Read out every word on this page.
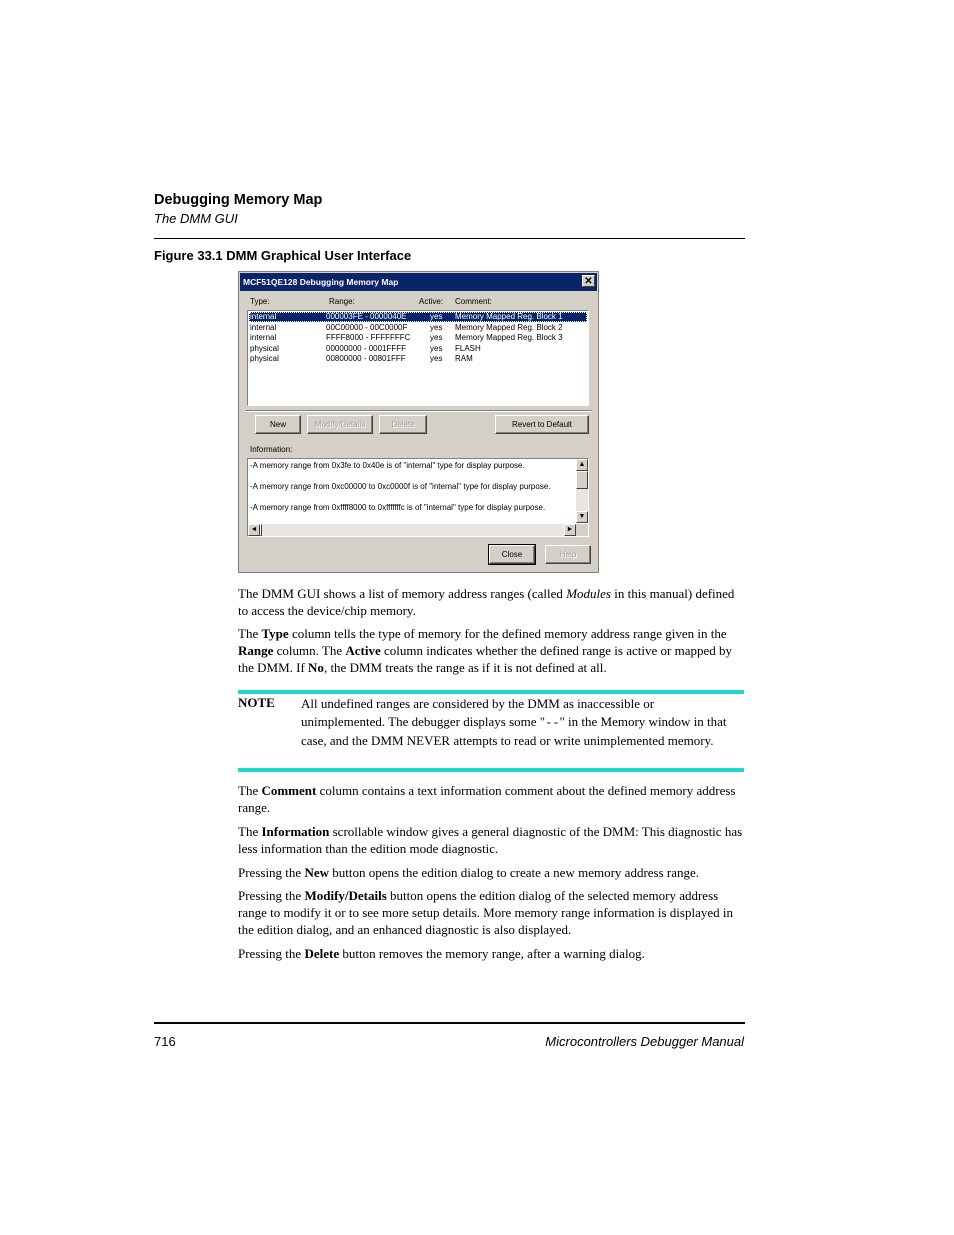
Debugging Memory Map
The DMM GUI
Figure 33.1 DMM Graphical User Interface
MCF51QE128 Debugging Memory Map	✕
Type:	Range:	Active: Comment:
internal	000003FE - 0000040E	yes Memory Mapped Reg. Block 1
internal	00C00000 - 00C0000F	yes Memory Mapped Reg. Block 2
internal	FFFF8000 - FFFFFFFC yes Memory Mapped Reg. Block 3
physical	00000000 - 0001FFFF	yes FLASH
physical	00800000 - 00801FFF	yes RAM
New	Modify/Details	Delete	Revert to Default
Information:
-A memory range from 0x3fe to 0x40e is of "internal" type for display purpose.
-A memory range from 0xc00000 to 0xc0000f is of "internal" type for display purpose.
-A memory range from 0xffff8000 to 0xfffffffc is of "internal" type for display purpose.
▲
▼
◄	►
Close	Help
The DMM GUI shows a list of memory address ranges (called Modules in this manual) defined to access the device/chip memory.
The Type column tells the type of memory for the defined memory address range given in the Range column. The Active column indicates whether the defined range is active or mapped by the DMM. If No, the DMM treats the range as if it is not defined at all.
NOTE All undefined ranges are considered by the DMM as inaccessible or unimplemented. The debugger displays some "--" in the Memory window in that case, and the DMM NEVER attempts to read or write unimplemented memory.
The Comment column contains a text information comment about the defined memory address range.
The Information scrollable window gives a general diagnostic of the DMM: This diagnostic has less information than the edition mode diagnostic.
Pressing the New button opens the edition dialog to create a new memory address range.
Pressing the Modify/Details button opens the edition dialog of the selected memory address range to modify it or to see more setup details. More memory range information is displayed in the edition dialog, and an enhanced diagnostic is also displayed.
Pressing the Delete button removes the memory range, after a warning dialog.
716	Microcontrollers Debugger Manual
